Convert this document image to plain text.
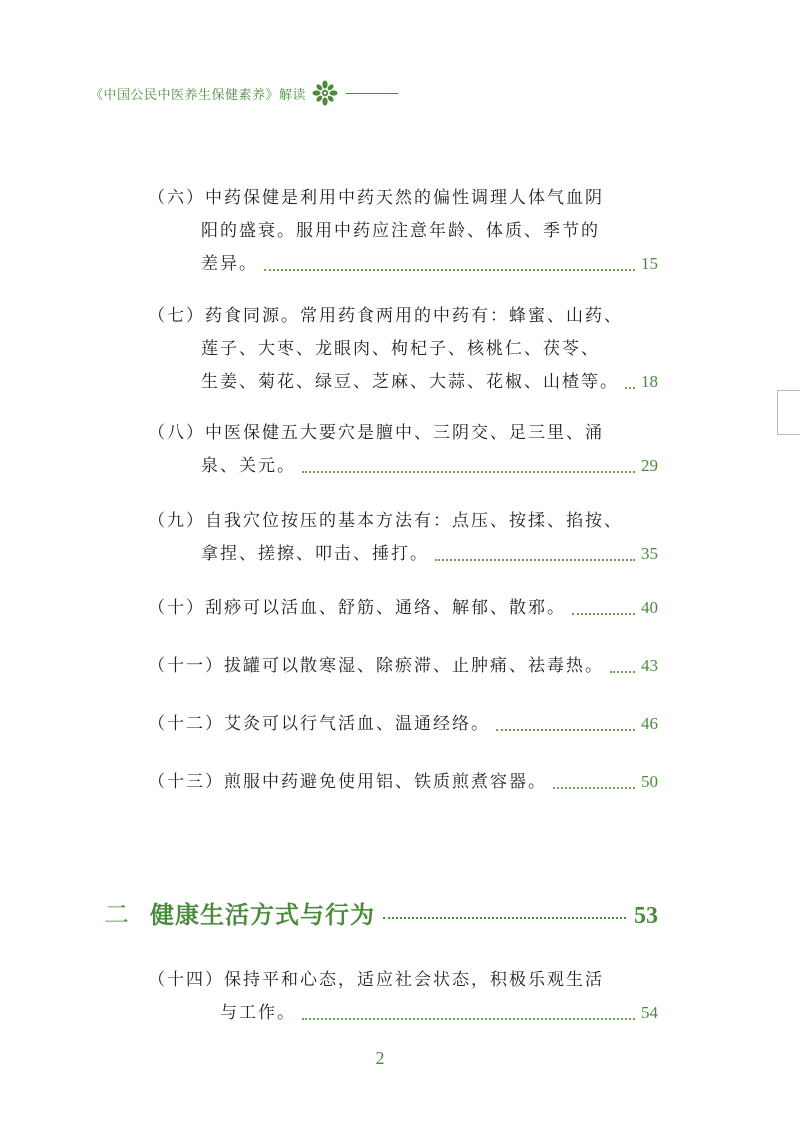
《中国公民中医养生保健素养》解读
（六） 中药保健是利用中药天然的偏性调理人体气血阴
阳的盛衰。服用中药应注意年龄、体质、季节的
差异。	15
（七） 药食同源。常用药食两用的中药有：蜂蜜、山药、
莲子、大枣、龙眼肉、枸杞子、核桃仁、茯苓、
生姜、菊花、绿豆、芝麻、大蒜、花椒、山楂等。 18
（八） 中医保健五大要穴是膻中、三阴交、足三里、涌
泉、关元。	29
（九） 自我穴位按压的基本方法有：点压、按揉、掐按、
拿捏、搓擦、叩击、捶打。	35
（十） 刮痧可以活血、舒筋、通络、解郁、散邪。	40
（十一） 拔罐可以散寒湿、除瘀滞、止肿痛、祛毒热。 43
（十二） 艾灸可以行气活血、温通经络。	46
（十三） 煎服中药避免使用铝、铁质煎煮容器。	50
二 健康生活方式与行为	53
（十四） 保持平和心态，适应社会状态，积极乐观生活
与工作。	54
2
